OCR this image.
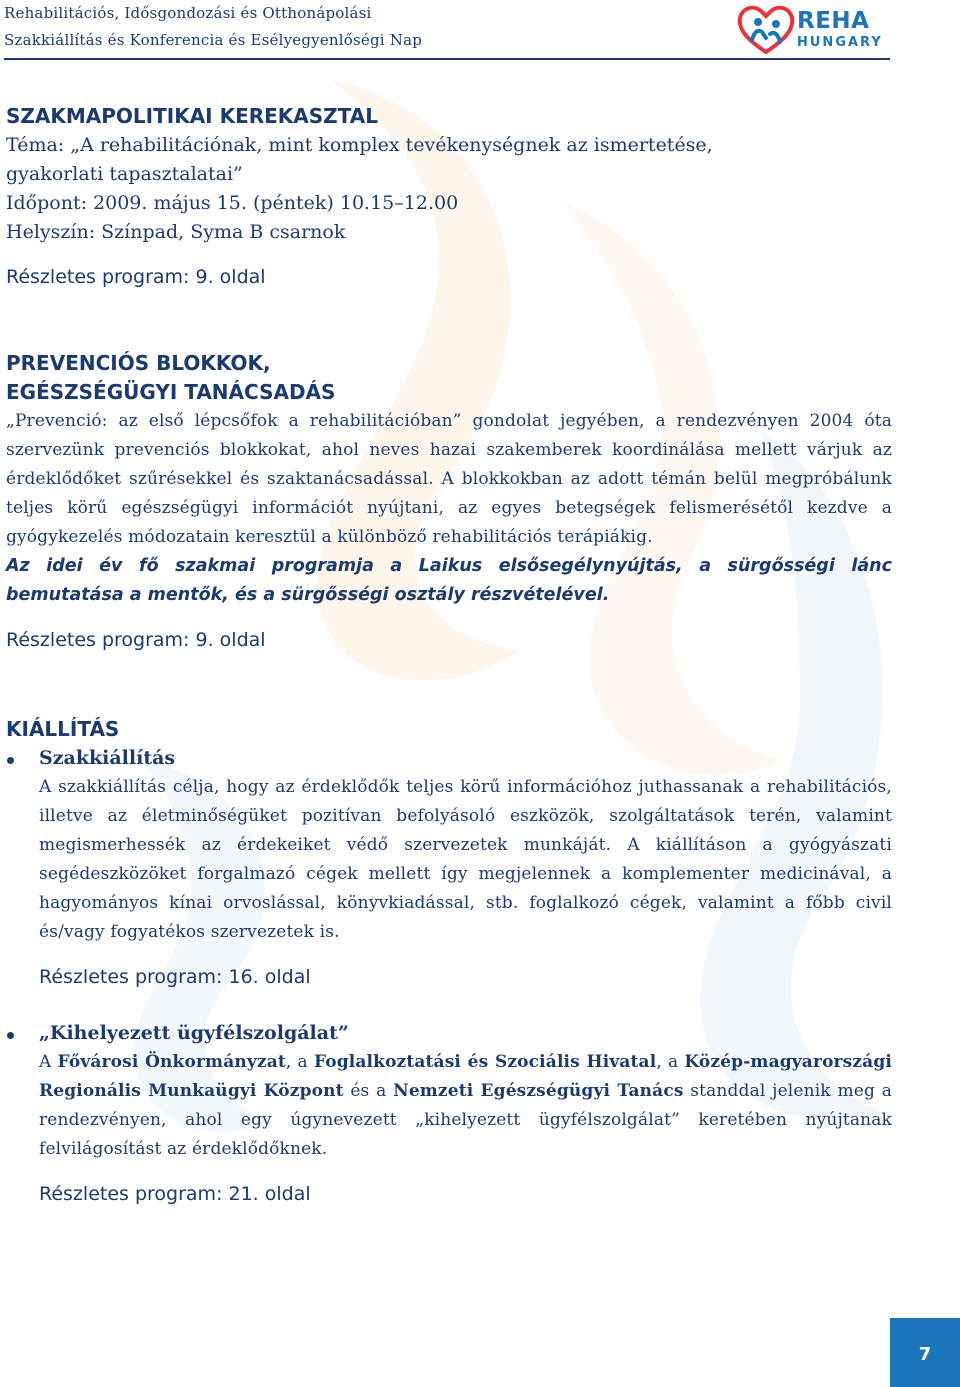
Rehabilitációs, Idősgondozási és Otthonápolási
Szakkiállítás és Konferencia és Esélyegyenlőségi Nap
REHA
HUNGARY

SZAKMAPOLITIKAI KEREKASZTAL

Téma: „A rehabilitációnak, mint komplex tevékenységnek az ismertetése,

gyakorlati tapasztalatai”

Időpont: 2009. május 15. (péntek) 10.15–12.00

Helyszín: Színpad, Syma B csarnok

Részletes program: 9. oldal

PREVENCIÓS BLOKKOK,

EGÉSZSÉGÜGYI TANÁCSADÁS

„Prevenció: az első lépcsőfok a rehabilitációban” gondolat jegyében, a rendezvényen 2004 óta szervezünk prevenciós blokkokat, ahol neves hazai szakemberek koordinálása mellett várjuk az érdeklődőket szűrésekkel és szaktanácsadással. A blokkokban az adott témán belül megpróbálunk teljes körű egészségügyi információt nyújtani, az egyes betegségek felismerésétől kezdve a gyógykezelés módozatain keresztül a különböző rehabilitációs terápiákig.

Az idei év fő szakmai programja a Laikus elsősegélynyújtás, a sürgősségi lánc bemutatása a mentők, és a sürgősségi osztály részvételével.

Részletes program: 9. oldal

KIÁLLÍTÁS

Szakkiállítás

A szakkiállítás célja, hogy az érdeklődők teljes körű információhoz juthassanak a rehabilitációs, illetve az életminőségüket pozitívan befolyásoló eszközök, szolgáltatások terén, valamint megismerhessék az érdekeiket védő szervezetek munkáját. A kiállításon a gyógyászati segédeszközöket forgalmazó cégek mellett így megjelennek a komplementer medicinával, a hagyományos kínai orvoslással, könyvkiadással, stb. foglalkozó cégek, valamint a főbb civil és/vagy fogyatékos szervezetek is.

Részletes program: 16. oldal

„Kihelyezett ügyfélszolgálat”

A Fővárosi Önkormányzat, a Foglalkoztatási és Szociális Hivatal, a Közép-magyarországi Regionális Munkaügyi Központ és a Nemzeti Egészségügyi Tanács standdal jelenik meg a rendezvényen, ahol egy úgynevezett „kihelyezett ügyfélszolgálat” keretében nyújtanak felvilágosítást az érdeklődőknek.

Részletes program: 21. oldal

7
